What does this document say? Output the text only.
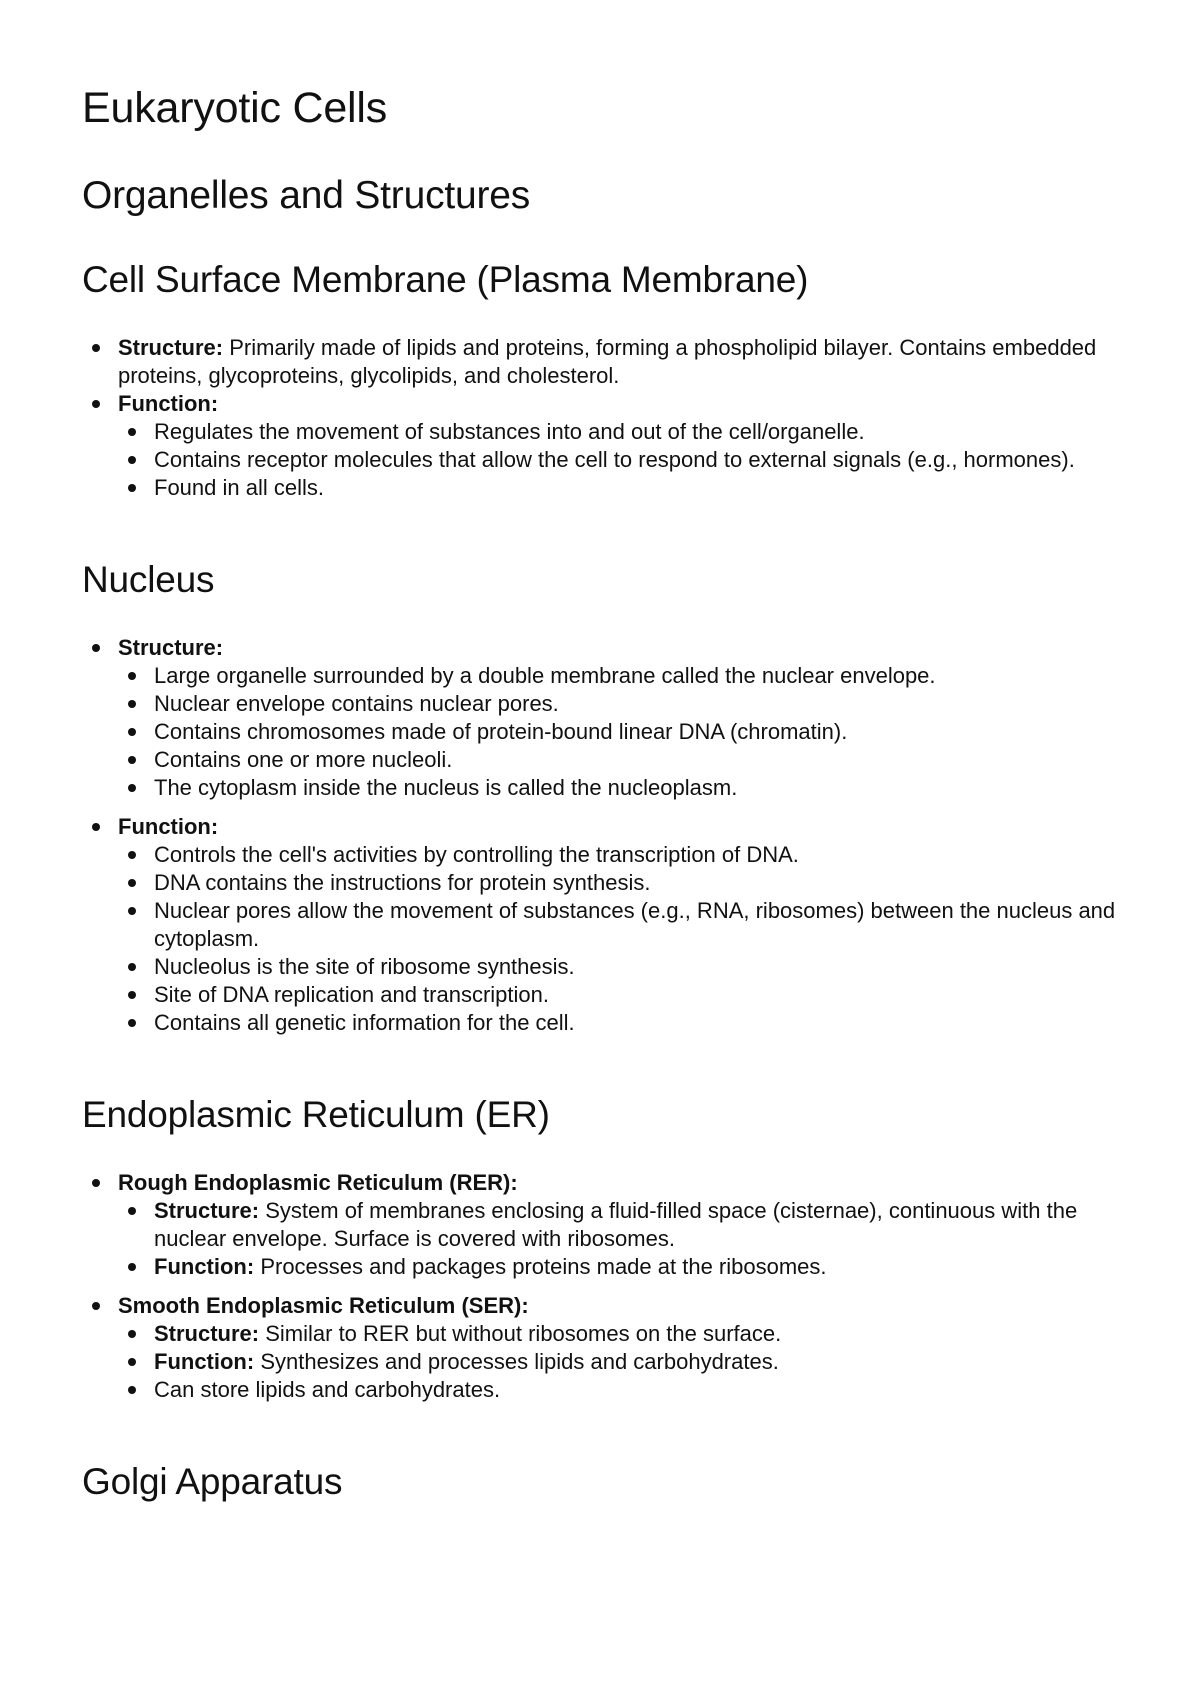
Eukaryotic Cells
Organelles and Structures
Cell Surface Membrane (Plasma Membrane)
Structure: Primarily made of lipids and proteins, forming a phospholipid bilayer. Contains embedded proteins, glycoproteins, glycolipids, and cholesterol.
Function:
Regulates the movement of substances into and out of the cell/organelle.
Contains receptor molecules that allow the cell to respond to external signals (e.g., hormones).
Found in all cells.
Nucleus
Structure:
Large organelle surrounded by a double membrane called the nuclear envelope.
Nuclear envelope contains nuclear pores.
Contains chromosomes made of protein-bound linear DNA (chromatin).
Contains one or more nucleoli.
The cytoplasm inside the nucleus is called the nucleoplasm.
Function:
Controls the cell's activities by controlling the transcription of DNA.
DNA contains the instructions for protein synthesis.
Nuclear pores allow the movement of substances (e.g., RNA, ribosomes) between the nucleus and cytoplasm.
Nucleolus is the site of ribosome synthesis.
Site of DNA replication and transcription.
Contains all genetic information for the cell.
Endoplasmic Reticulum (ER)
Rough Endoplasmic Reticulum (RER):
Structure: System of membranes enclosing a fluid-filled space (cisternae), continuous with the nuclear envelope. Surface is covered with ribosomes.
Function: Processes and packages proteins made at the ribosomes.
Smooth Endoplasmic Reticulum (SER):
Structure: Similar to RER but without ribosomes on the surface.
Function: Synthesizes and processes lipids and carbohydrates.
Can store lipids and carbohydrates.
Golgi Apparatus
